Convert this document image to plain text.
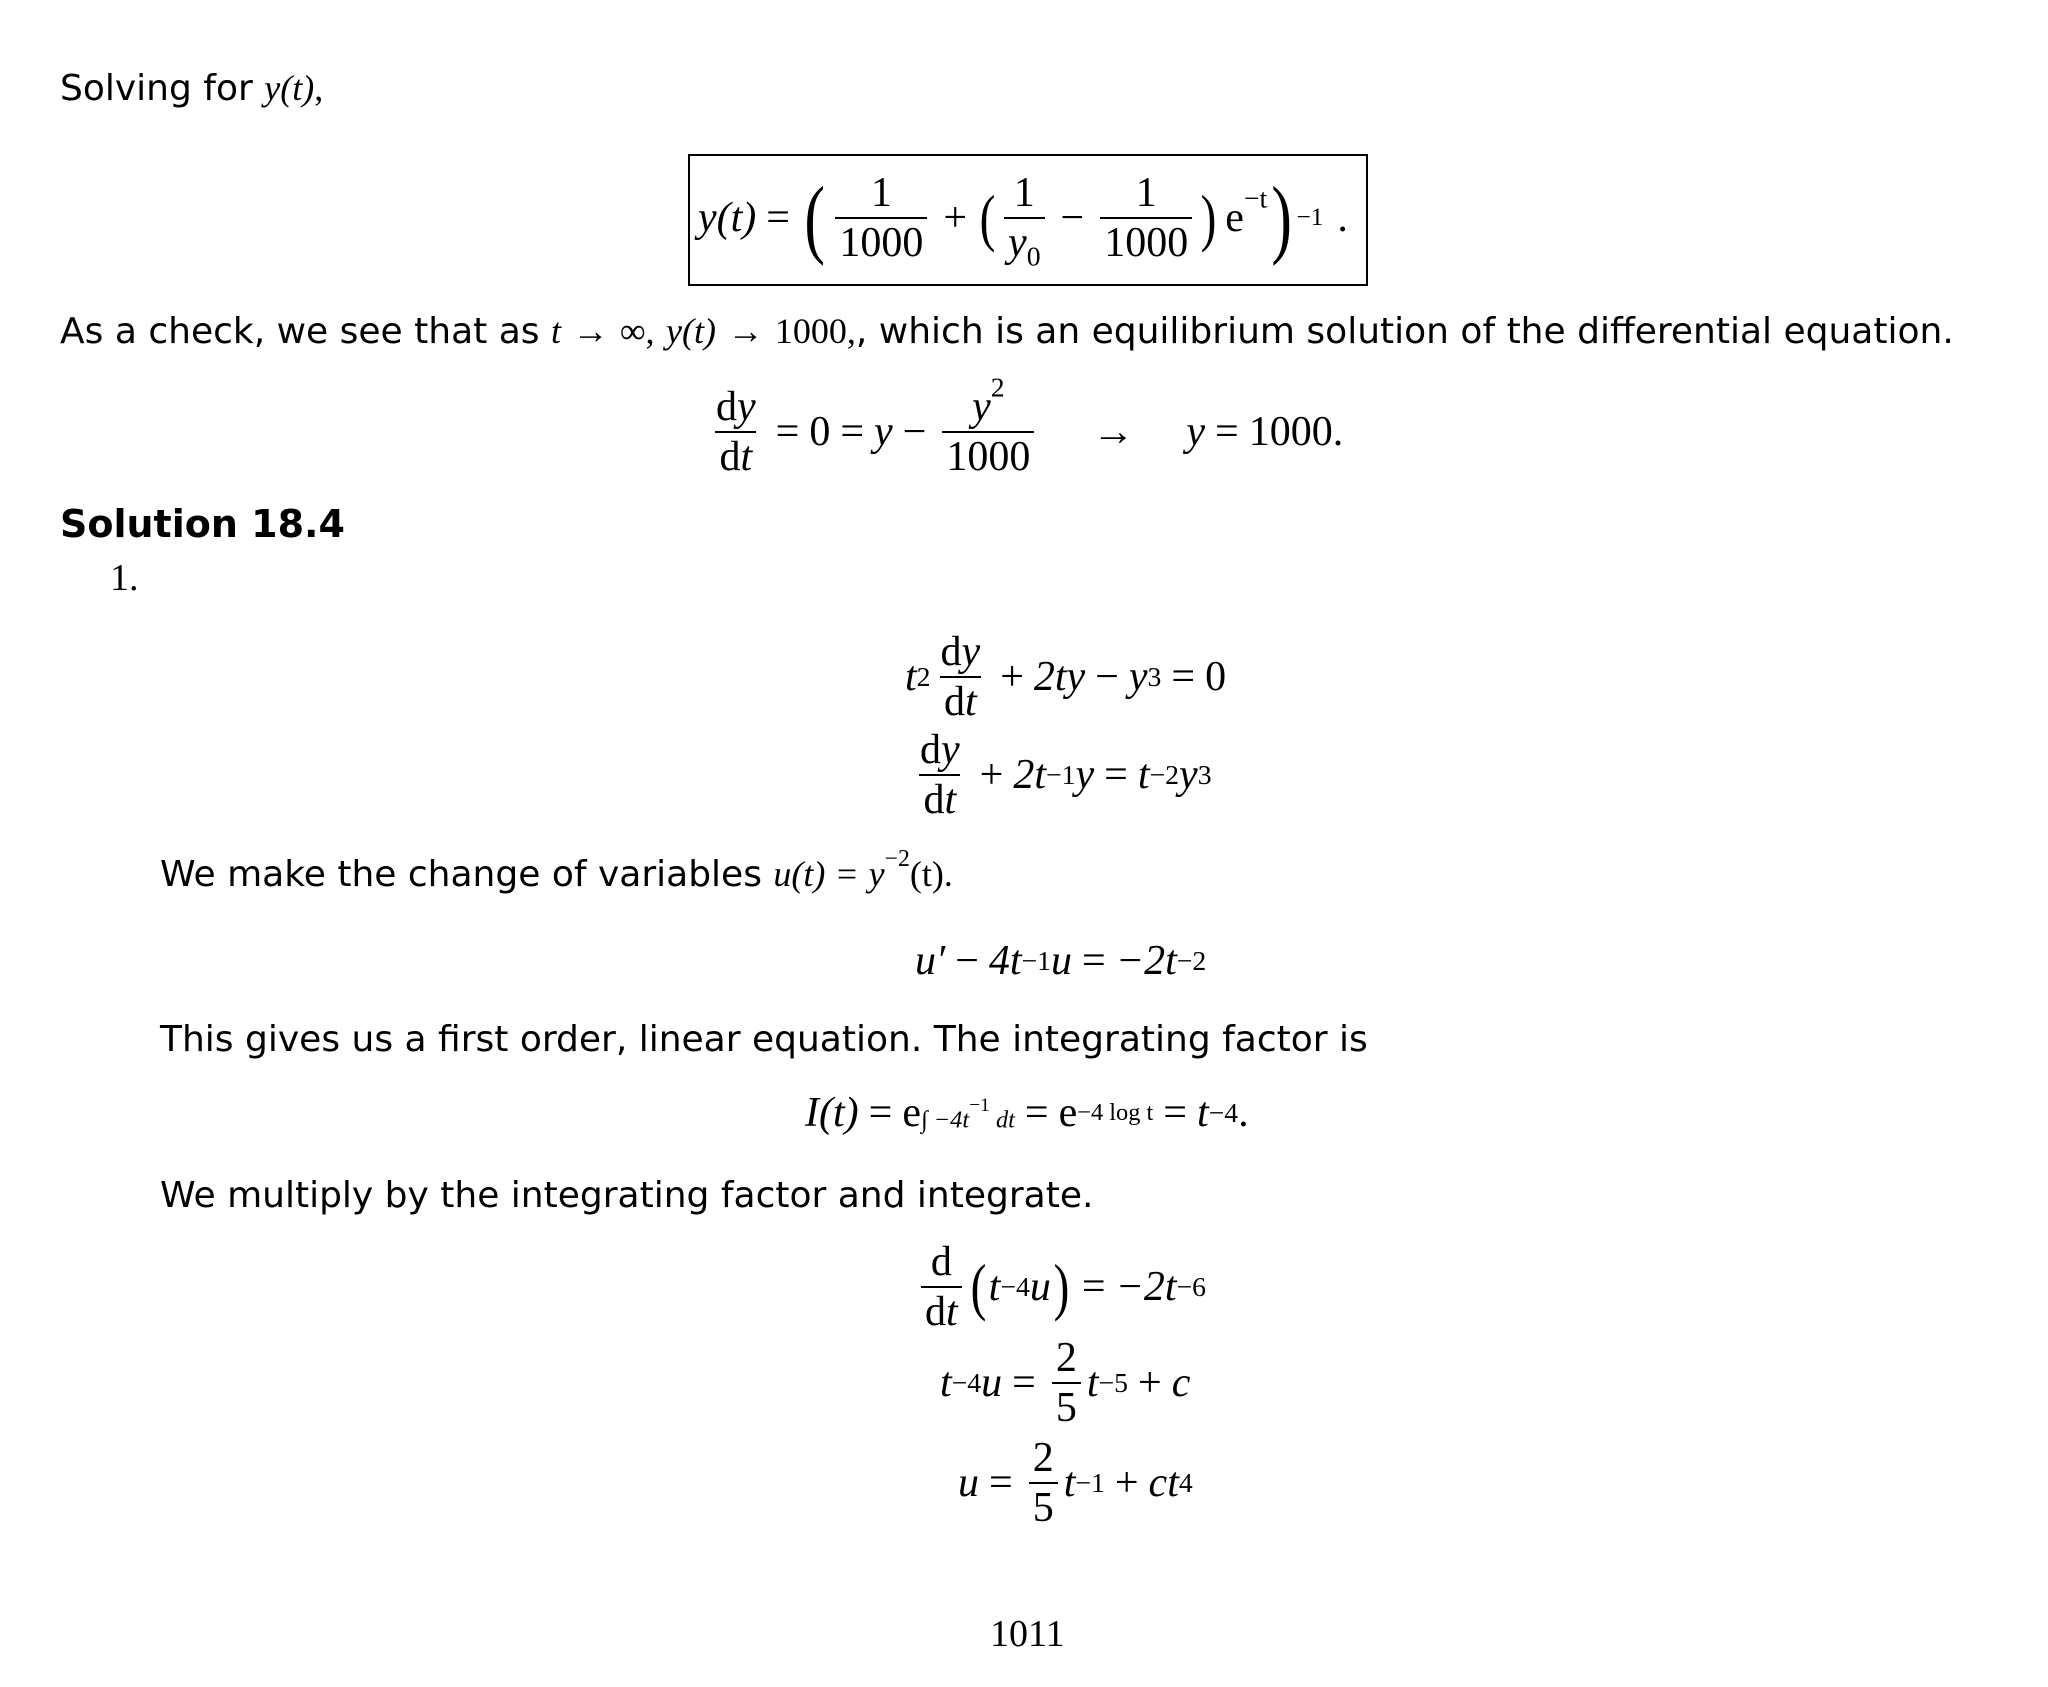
Solving for y(t),
y(t) = ( $\frac{1}{1000}$ + ( $\frac{1}{y_0} - \frac{1}{1000}$ ) $e^{-t}$ ) −1 .
As a check, we see that as t → ∞, y(t) → 1000,, which is an equilibrium solution of the differential equation.
$\frac{dy}{dt} = 0 = y - \frac{y^2}{1000} \to y = 1000$.
Solution 18.4
1.
t $2 \frac{dy}{dt} + 2ty - y$ 3 = 0
$\frac{dy}{dt} + 2t -1$ y = t −2 y 3
We make the change of variables $u(t) = y^{-2}(t)$.
u′ − 4t −1 u = −2t −2
This gives us a first order, linear equation. The integrating factor is
I(t) = e ∫ $-4t^{-1}$ dt = e −4 log t = t −4 .
We multiply by the integrating factor and integrate.
$\frac{d}{dt}$ ( t −4 u ) = −2t −6
t −4 $u = \frac{2}{5}$ t −5 + c
$u = \frac{2}{5}$ t −1 + c t 4
1011
